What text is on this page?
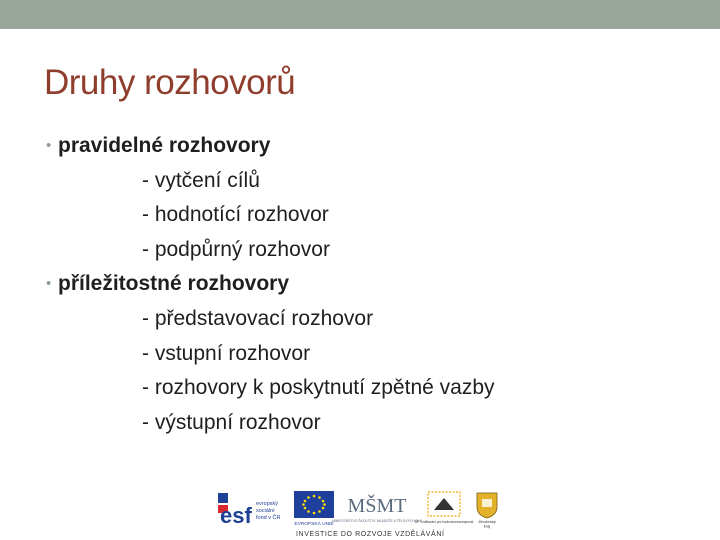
Druhy rozhovorů
• pravidelné rozhovory
- vytčení cílů
- hodnotící rozhovor
- podpůrný rozhovor
• příležitostné rozhovory
- představovací rozhovor
- vstupní rozhovor
- rozhovory k poskytnutí zpětné vazby
- výstupní rozhovor
esf evropský
sociální
fond v ČR
EVROPSKÁ UNIE
MŠMT
MINISTERSTVO ŠKOLSTVÍ, MLÁDEŽE A TĚLOVÝCHOVY
OP Vzdělávání pro konkurenceschopnost Jihočeský
kraj
INVESTICE DO ROZVOJE VZDĚLÁVÁNÍ
